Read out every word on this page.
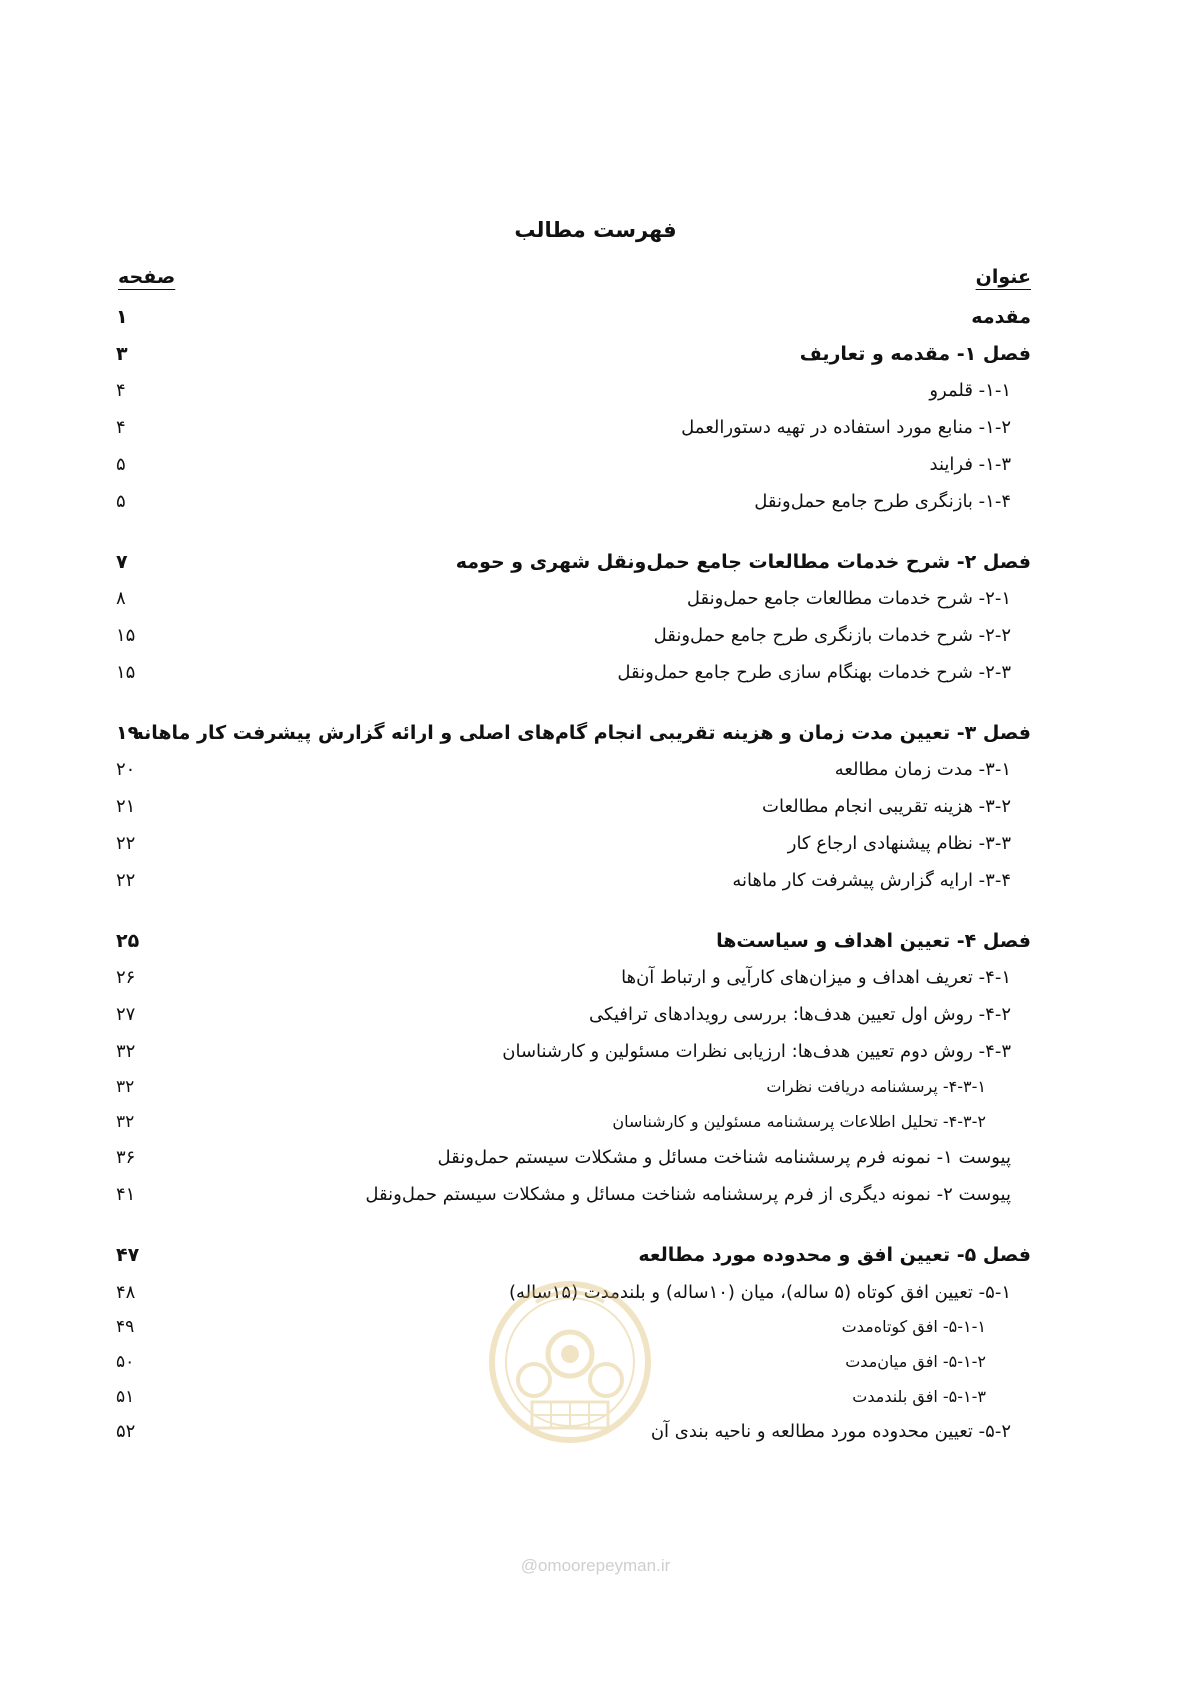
فهرست مطالب
عنوان
صفحه
مقدمه
۱
فصل ۱- مقدمه و تعاریف
۳
۱-۱- قلمرو
۴
۱-۲- منابع مورد استفاده در تهیه دستورالعمل
۴
۱-۳- فرایند
۵
۱-۴- بازنگری طرح جامع حمل‌ونقل
۵
فصل ۲- شرح خدمات مطالعات جامع حمل‌ونقل شهری و حومه
۷
۲-۱- شرح خدمات مطالعات جامع حمل‌ونقل
۸
۲-۲- شرح خدمات بازنگری طرح جامع حمل‌ونقل
۱۵
۲-۳- شرح خدمات بهنگام سازی طرح جامع حمل‌ونقل
۱۵
فصل ۳- تعیین مدت زمان و هزینه تقریبی انجام گام‌های اصلی و ارائه گزارش پیشرفت کار ماهانه
۱۹
۳-۱- مدت زمان مطالعه
۲۰
۳-۲- هزینه تقریبی انجام مطالعات
۲۱
۳-۳- نظام پیشنهادی ارجاع کار
۲۲
۳-۴- ارایه گزارش پیشرفت کار ماهانه
۲۲
فصل ۴- تعیین اهداف و سیاست‌ها
۲۵
۴-۱- تعریف اهداف و میزان‌های کارآیی و ارتباط آن‌ها
۲۶
۴-۲- روش اول تعیین هدف‌ها: بررسی رویدادهای ترافیکی
۲۷
۴-۳- روش دوم تعیین هدف‌ها: ارزیابی نظرات مسئولین و کارشناسان
۳۲
۴-۳-۱- پرسشنامه دریافت نظرات
۳۲
۴-۳-۲- تحلیل اطلاعات پرسشنامه مسئولین و کارشناسان
۳۲
پیوست ۱- نمونه فرم پرسشنامه شناخت مسائل و مشکلات سیستم حمل‌ونقل
۳۶
پیوست ۲- نمونه دیگری از فرم پرسشنامه شناخت مسائل و مشکلات سیستم حمل‌ونقل
۴۱
فصل ۵- تعیین افق و محدوده مورد مطالعه
۴۷
۵-۱- تعیین افق کوتاه (۵ ساله)، میان (۱۰ساله) و بلندمدت (۱۵ساله)
۴۸
۵-۱-۱- افق کوتاه‌مدت
۴۹
۵-۱-۲- افق میان‌مدت
۵۰
۵-۱-۳- افق بلندمدت
۵۱
۵-۲- تعیین محدوده مورد مطالعه و ناحیه بندی آن
۵۲
@omoorepeyman.ir
